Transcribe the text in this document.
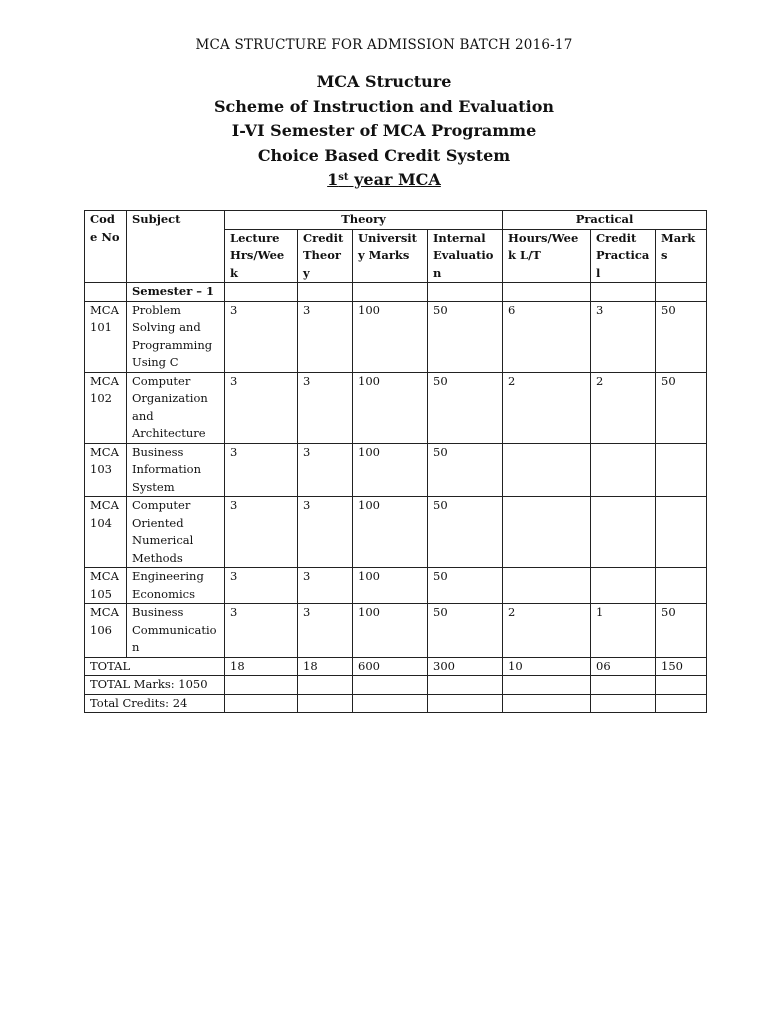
MCA STRUCTURE FOR ADMISSION BATCH 2016-17
MCA Structure
Scheme of Instruction and Evaluation
I-VI Semester of MCA Programme
Choice Based Credit System
1st year MCA
Code No	Subject	Theory				Practical		
		Lecture Hrs/Week	Credit Theory	University Marks	Internal Evaluation	Hours/Week L/T	Credit Practical	Marks
	Semester – 1							
MCA 101	Problem Solving and Programming Using C	3	3	100	50	6	3	50
MCA 102	Computer Organization and Architecture	3	3	100	50	2	2	50
MCA 103	Business Information System	3	3	100	50			
MCA 104	Computer Oriented Numerical Methods	3	3	100	50			
MCA 105	Engineering Economics	3	3	100	50			
MCA 106	Business Communication	3	3	100	50	2	1	50
TOTAL		18	18	600	300	10	06	150
TOTAL Marks: 1050								
Total Credits: 24								
